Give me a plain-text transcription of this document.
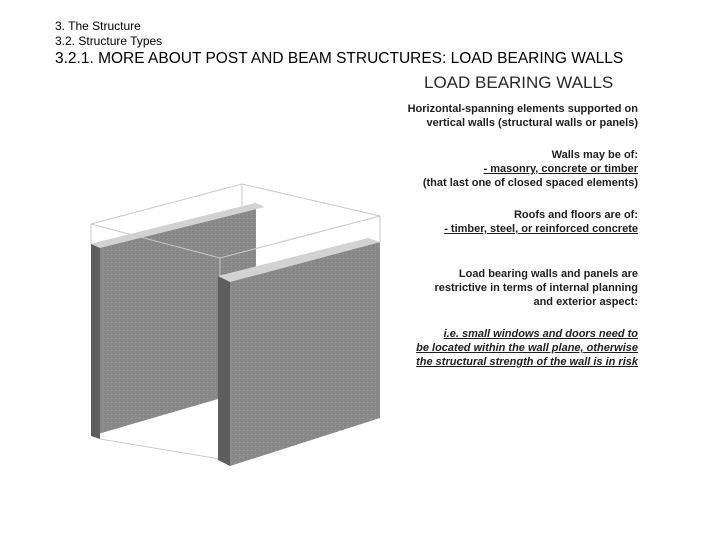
3. The Structure
3.2. Structure Types
3.2.1. MORE ABOUT POST AND BEAM STRUCTURES: LOAD BEARING WALLS
LOAD BEARING WALLS
Horizontal-spanning elements supported on
vertical walls (structural walls or panels)
Walls may be of:
- masonry, concrete or timber
(that last one of closed spaced elements)
Roofs and floors are of:
- timber, steel, or reinforced concrete
Load bearing walls and panels are
restrictive in terms of internal planning
and exterior aspect:
i.e. small windows and doors need to
be located within the wall plane, otherwise
the structural strength of the wall is in risk
